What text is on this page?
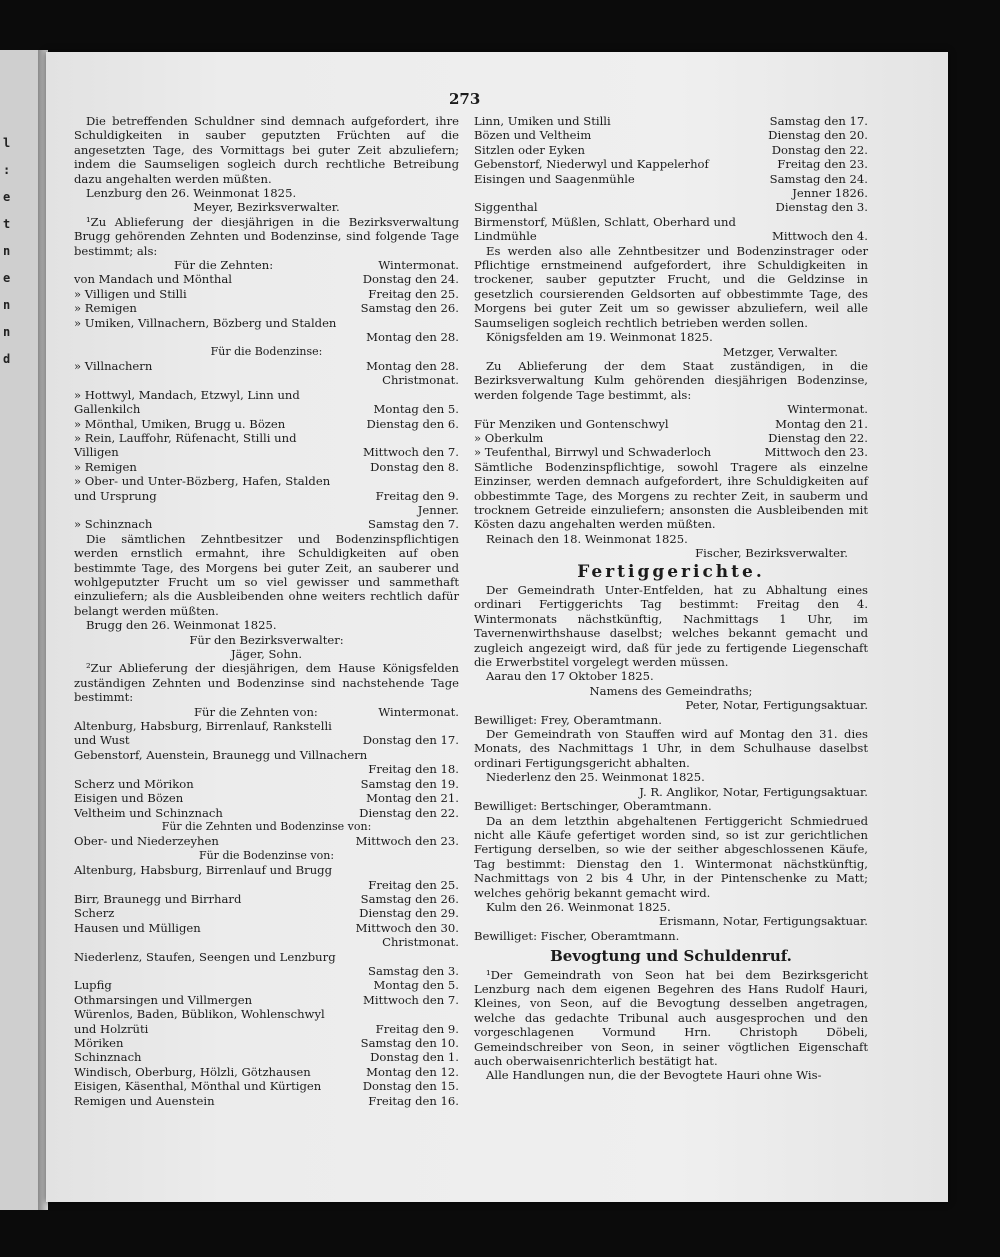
l
:
e
t
n
e
n
n
d
273

Die betreffenden Schuldner sind demnach aufgefordert, ihre Schuldigkeiten in sauber geputzten Früchten auf die angesetzten Tage, des Vormittags bei guter Zeit abzuliefern; indem die Saumseligen sogleich durch rechtliche Betreibung dazu angehalten werden müßten.

Lenzburg den 26. Weinmonat 1825.
Meyer, Bezirksverwalter.

¹Zu Ablieferung der diesjährigen in die Bezirksverwaltung Brugg gehörenden Zehnten und Bodenzinse, sind folgende Tage bestimmt; als:

Für die Zehnten:	Wintermonat.
von Mandach und Mönthal	Donstag den 24.
» Villigen und Stilli	Freitag den 25.
» Remigen	Samstag den 26.
» Umiken, Villnachern, Bözberg und Stalden
Montag den 28.
Für die Bodenzinse:
» Villnachern	Montag den 28.
Christmonat.
» Hottwyl, Mandach, Etzwyl, Linn und
Gallenkilch	Montag den 5.
» Mönthal, Umiken, Brugg u. Bözen	Dienstag den 6.
» Rein, Lauffohr, Rüfenacht, Stilli und
Villigen	Mittwoch den 7.
» Remigen	Donstag den 8.
» Ober- und Unter-Bözberg, Hafen, Stalden
und Ursprung	Freitag den 9.
Jenner.
» Schinznach	Samstag den 7.

Die sämtlichen Zehntbesitzer und Bodenzinspflichtigen werden ernstlich ermahnt, ihre Schuldigkeiten auf oben bestimmte Tage, des Morgens bei guter Zeit, an sauberer und wohlgeputzter Frucht um so viel gewisser und sammethaft einzuliefern; als die Ausbleibenden ohne weiters rechtlich dafür belangt werden müßten.

Brugg den 26. Weinmonat 1825.
Für den Bezirksverwalter:
Jäger, Sohn.

²Zur Ablieferung der diesjährigen, dem Hause Königsfelden zuständigen Zehnten und Bodenzinse sind nachstehende Tage bestimmt:

Für die Zehnten von:	Wintermonat.
Altenburg, Habsburg, Birrenlauf, Rankstelli
und Wust	Donstag den 17.
Gebenstorf, Auenstein, Braunegg und Villnachern
Freitag den 18.
Scherz und Mörikon	Samstag den 19.
Eisigen und Bözen	Montag den 21.
Veltheim und Schinznach	Dienstag den 22.
Für die Zehnten und Bodenzinse von:
Ober- und Niederzeyhen	Mittwoch den 23.
Für die Bodenzinse von:
Altenburg, Habsburg, Birrenlauf und Brugg
Freitag den 25.
Birr, Braunegg und Birrhard	Samstag den 26.
Scherz	Dienstag den 29.
Hausen und Mülligen	Mittwoch den 30.
Christmonat.
Niederlenz, Staufen, Seengen und Lenzburg
Samstag den 3.
Lupfig	Montag den 5.
Othmarsingen und Villmergen	Mittwoch den 7.
Würenlos, Baden, Büblikon, Wohlenschwyl
und Holzrüti	Freitag den 9.
Möriken	Samstag den 10.
Schinznach	Donstag den 1.
Windisch, Oberburg, Hölzli, Götzhausen	Montag den 12.
Eisigen, Käsenthal, Mönthal und Kürtigen	Donstag den 15.
Remigen und Auenstein	Freitag den 16.
Linn, Umiken und Stilli	Samstag den 17.
Bözen und Veltheim	Dienstag den 20.
Sitzlen oder Eyken	Donstag den 22.
Gebenstorf, Niederwyl und Kappelerhof	Freitag den 23.
Eisingen und Saagenmühle	Samstag den 24.
Jenner 1826.
Siggenthal	Dienstag den 3.
Birmenstorf, Müßlen, Schlatt, Oberhard und
Lindmühle	Mittwoch den 4.

Es werden also alle Zehntbesitzer und Bodenzinstrager oder Pflichtige ernstmeinend aufgefordert, ihre Schuldigkeiten in trockener, sauber geputzter Frucht, und die Geldzinse in gesetzlich coursierenden Geldsorten auf obbestimmte Tage, des Morgens bei guter Zeit um so gewisser abzuliefern, weil alle Saumseligen sogleich rechtlich betrieben werden sollen.

Königsfelden am 19. Weinmonat 1825.
Metzger, Verwalter.

Zu Ablieferung der dem Staat zuständigen, in die Bezirksverwaltung Kulm gehörenden diesjährigen Bodenzinse, werden folgende Tage bestimmt, als:

Wintermonat.
Für Menziken und Gontenschwyl	Montag den 21.
» Oberkulm	Dienstag den 22.
» Teufenthal, Birrwyl und Schwaderloch	Mittwoch den 23.

Sämtliche Bodenzinspflichtige, sowohl Tragere als einzelne Einzinser, werden demnach aufgefordert, ihre Schuldigkeiten auf obbestimmte Tage, des Morgens zu rechter Zeit, in sauberm und trocknem Getreide einzuliefern; ansonsten die Ausbleibenden mit Kösten dazu angehalten werden müßten.

Reinach den 18. Weinmonat 1825.
Fischer, Bezirksverwalter.
Fertiggerichte.

Der Gemeindrath Unter-Entfelden, hat zu Abhaltung eines ordinari Fertiggerichts Tag bestimmt: Freitag den 4. Wintermonats nächstkünftig, Nachmittags 1 Uhr, im Tavernenwirthshause daselbst; welches bekannt gemacht und zugleich angezeigt wird, daß für jede zu fertigende Liegenschaft die Erwerbstitel vorgelegt werden müssen.

Aarau den 17 Oktober 1825.
Namens des Gemeindraths;
Peter, Notar, Fertigungsaktuar.
Bewilliget: Frey, Oberamtmann.

Der Gemeindrath von Stauffen wird auf Montag den 31. dies Monats, des Nachmittags 1 Uhr, in dem Schulhause daselbst ordinari Fertigungsgericht abhalten.

Niederlenz den 25. Weinmonat 1825.
J. R. Anglikor, Notar, Fertigungsaktuar.
Bewilliget: Bertschinger, Oberamtmann.

Da an dem letzthin abgehaltenen Fertiggericht Schmiedrued nicht alle Käufe gefertiget worden sind, so ist zur gerichtlichen Fertigung derselben, so wie der seither abgeschlossenen Käufe, Tag bestimmt: Dienstag den 1. Wintermonat nächstkünftig, Nachmittags von 2 bis 4 Uhr, in der Pintenschenke zu Matt; welches gehörig bekannt gemacht wird.

Kulm den 26. Weinmonat 1825.
Erismann, Notar, Fertigungsaktuar.
Bewilliget: Fischer, Oberamtmann.
Bevogtung und Schuldenruf.

¹Der Gemeindrath von Seon hat bei dem Bezirksgericht Lenzburg nach dem eigenen Begehren des Hans Rudolf Hauri, Kleines, von Seon, auf die Bevogtung desselben angetragen, welche das gedachte Tribunal auch ausgesprochen und den vorgeschlagenen Vormund Hrn. Christoph Döbeli, Gemeindschreiber von Seon, in seiner vögtlichen Eigenschaft auch oberwaisenrichterlich bestätigt hat.

Alle Handlungen nun, die der Bevogtete Hauri ohne Wis-
